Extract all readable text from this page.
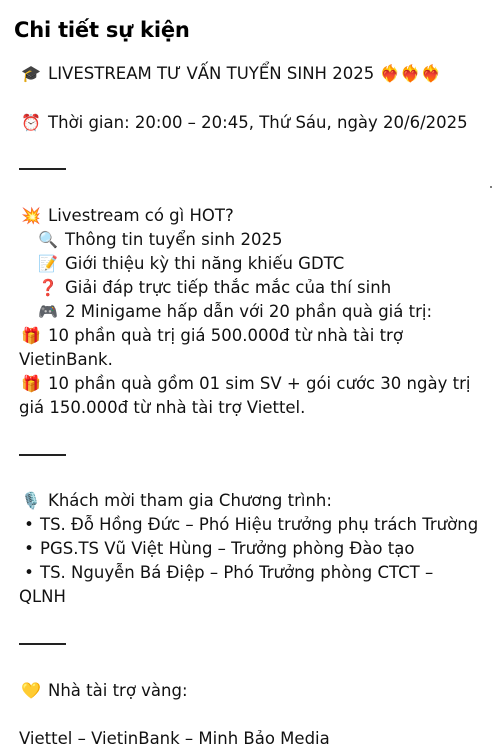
Chi tiết sự kiện
🎓 LIVESTREAM TƯ VẤN TUYỂN SINH 2025 ❤️‍🔥❤️‍🔥❤️‍🔥
⏰ Thời gian: 20:00 – 20:45, Thứ Sáu, ngày 20/6/2025
💥 Livestream có gì HOT?
🔍 Thông tin tuyển sinh 2025
📝 Giới thiệu kỳ thi năng khiếu GDTC
❓ Giải đáp trực tiếp thắc mắc của thí sinh
🎮 2 Minigame hấp dẫn với 20 phần quà giá trị:
🎁 10 phần quà trị giá 500.000đ từ nhà tài trợ
VietinBank.
🎁 10 phần quà gồm 01 sim SV + gói cước 30 ngày trị
giá 150.000đ từ nhà tài trợ Viettel.
🎙️ Khách mời tham gia Chương trình:
• TS. Đỗ Hồng Đức – Phó Hiệu trưởng phụ trách Trường
• PGS.TS Vũ Việt Hùng – Trưởng phòng Đào tạo
• TS. Nguyễn Bá Điệp – Phó Trưởng phòng CTCT –
QLNH
💛 Nhà tài trợ vàng:
Viettel – VietinBank – Minh Bảo Media
